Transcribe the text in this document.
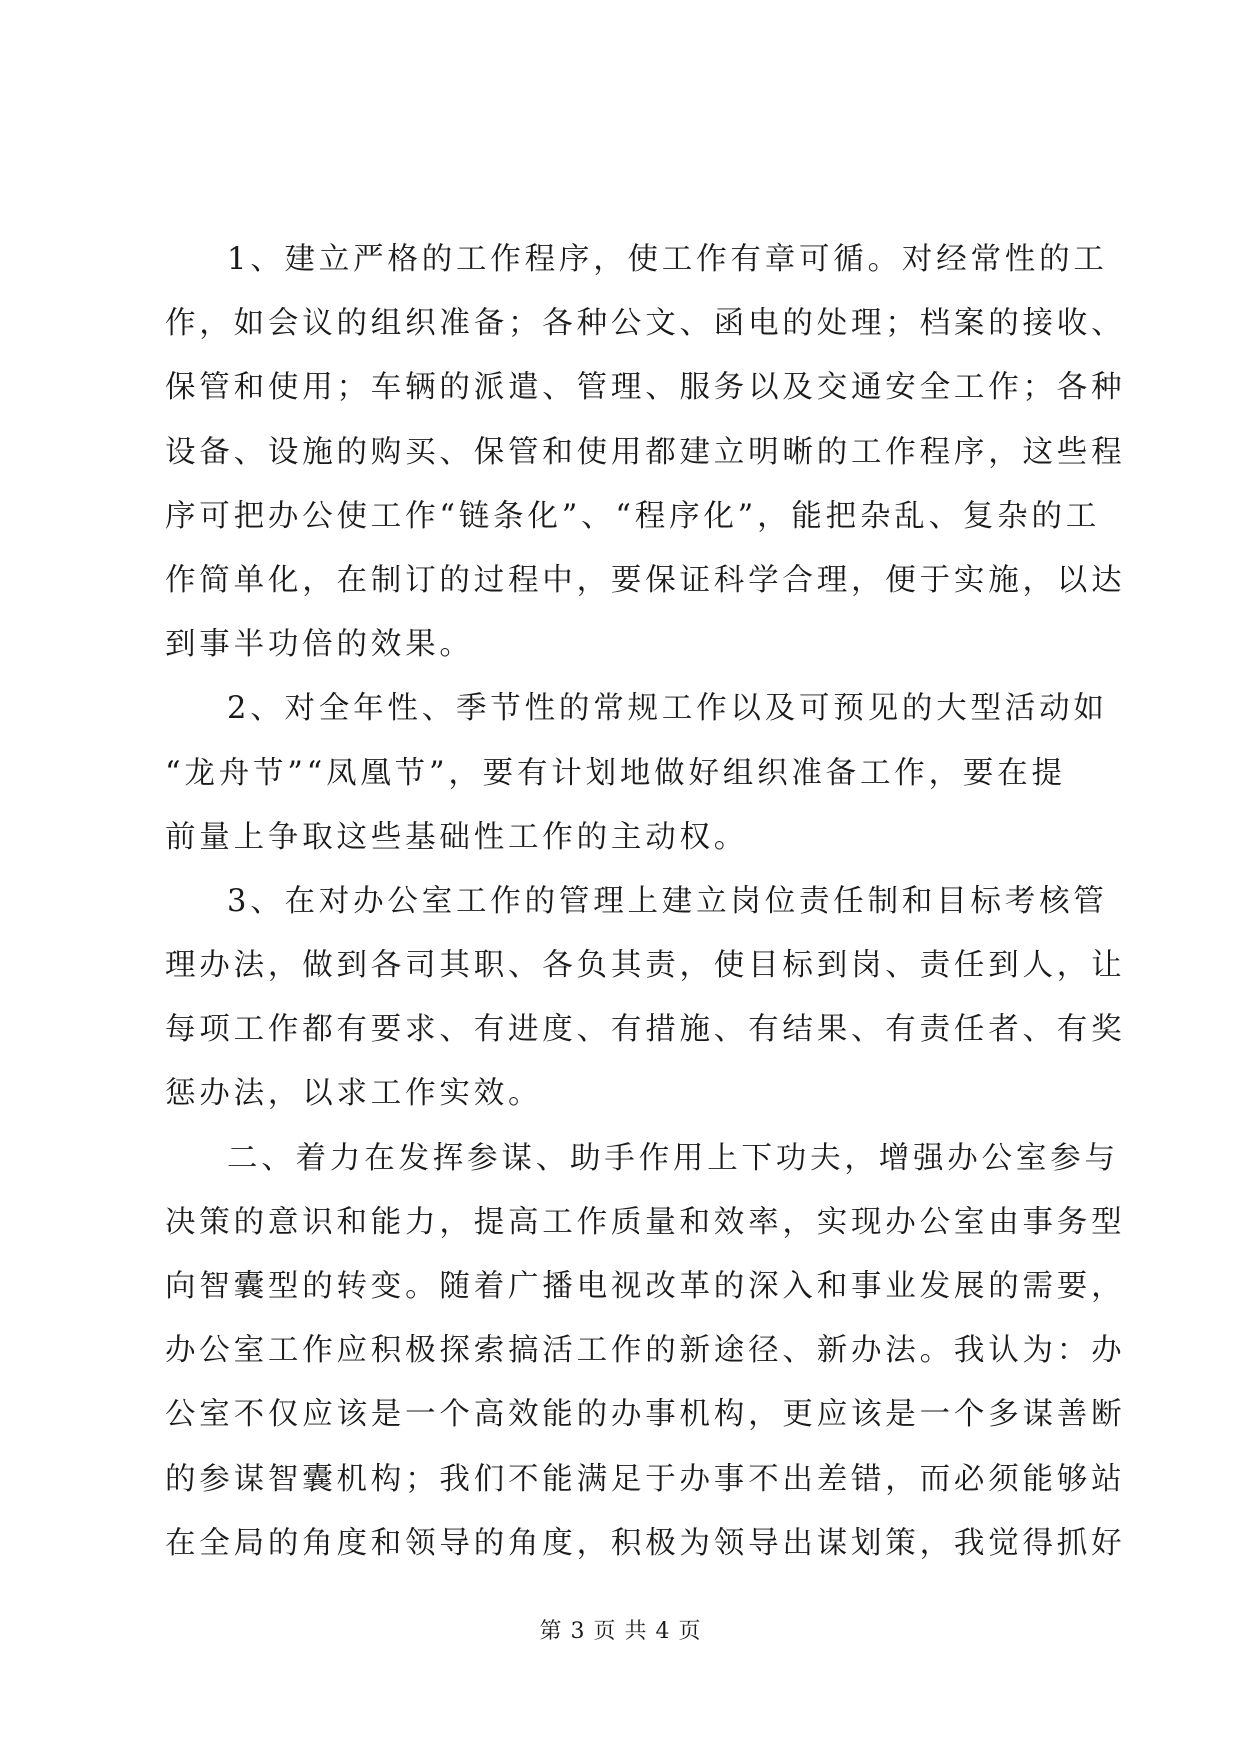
1、建立严格的工作程序，使工作有章可循。对经常性的工
作，如会议的组织准备；各种公文、函电的处理；档案的接收、
保管和使用；车辆的派遣、管理、服务以及交通安全工作；各种
设备、设施的购买、保管和使用都建立明晰的工作程序，这些程
序可把办公使工作“链条化”、“程序化”，能把杂乱、复杂的工
作简单化，在制订的过程中，要保证科学合理，便于实施，以达
到事半功倍的效果。
2、对全年性、季节性的常规工作以及可预见的大型活动如
“龙舟节”“凤凰节”，要有计划地做好组织准备工作，要在提
前量上争取这些基础性工作的主动权。
3、在对办公室工作的管理上建立岗位责任制和目标考核管
理办法，做到各司其职、各负其责，使目标到岗、责任到人，让
每项工作都有要求、有进度、有措施、有结果、有责任者、有奖
惩办法，以求工作实效。
二、着力在发挥参谋、助手作用上下功夫，增强办公室参与
决策的意识和能力，提高工作质量和效率，实现办公室由事务型
向智囊型的转变。随着广播电视改革的深入和事业发展的需要，
办公室工作应积极探索搞活工作的新途径、新办法。我认为：办
公室不仅应该是一个高效能的办事机构，更应该是一个多谋善断
的参谋智囊机构；我们不能满足于办事不出差错，而必须能够站
在全局的角度和领导的角度，积极为领导出谋划策，我觉得抓好
第 3 页 共 4 页
